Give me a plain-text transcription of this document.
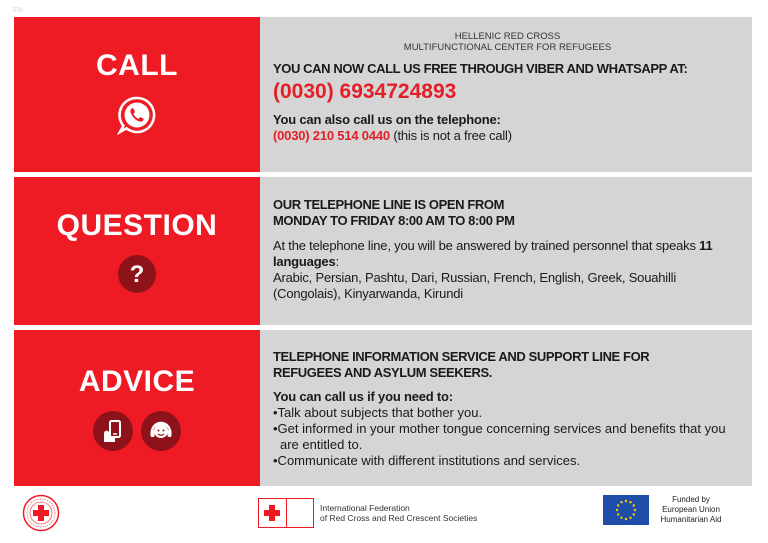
EN
CALL
HELLENIC RED CROSS
MULTIFUNCTIONAL CENTER FOR REFUGEES
YOU CAN NOW CALL US FREE THROUGH VIBER AND WHATSAPP AT:
(0030) 6934724893
You can also call us on the telephone:
(0030) 210 514 0440 (this is not a free call)
QUESTION
?
OUR TELEPHONE LINE IS OPEN FROM
MONDAY TO FRIDAY 8:00 AM TO 8:00 PM
At the telephone line, you will be answered by trained personnel that speaks 11 languages:
Arabic, Persian, Pashtu, Dari, Russian, French, English, Greek, Souahilli (Congolais), Kinyarwanda, Kirundi
ADVICE
TELEPHONE INFORMATION SERVICE AND SUPPORT LINE FOR
REFUGEES AND ASYLUM SEEKERS.
You can call us if you need to:
•Talk about subjects that bother you.
•Get informed in your mother tongue concerning services and benefits that you are entitled to.
•Communicate with different institutions and services.
International Federation
of Red Cross and Red Crescent Societies
Funded by
European Union
Humanitarian Aid
